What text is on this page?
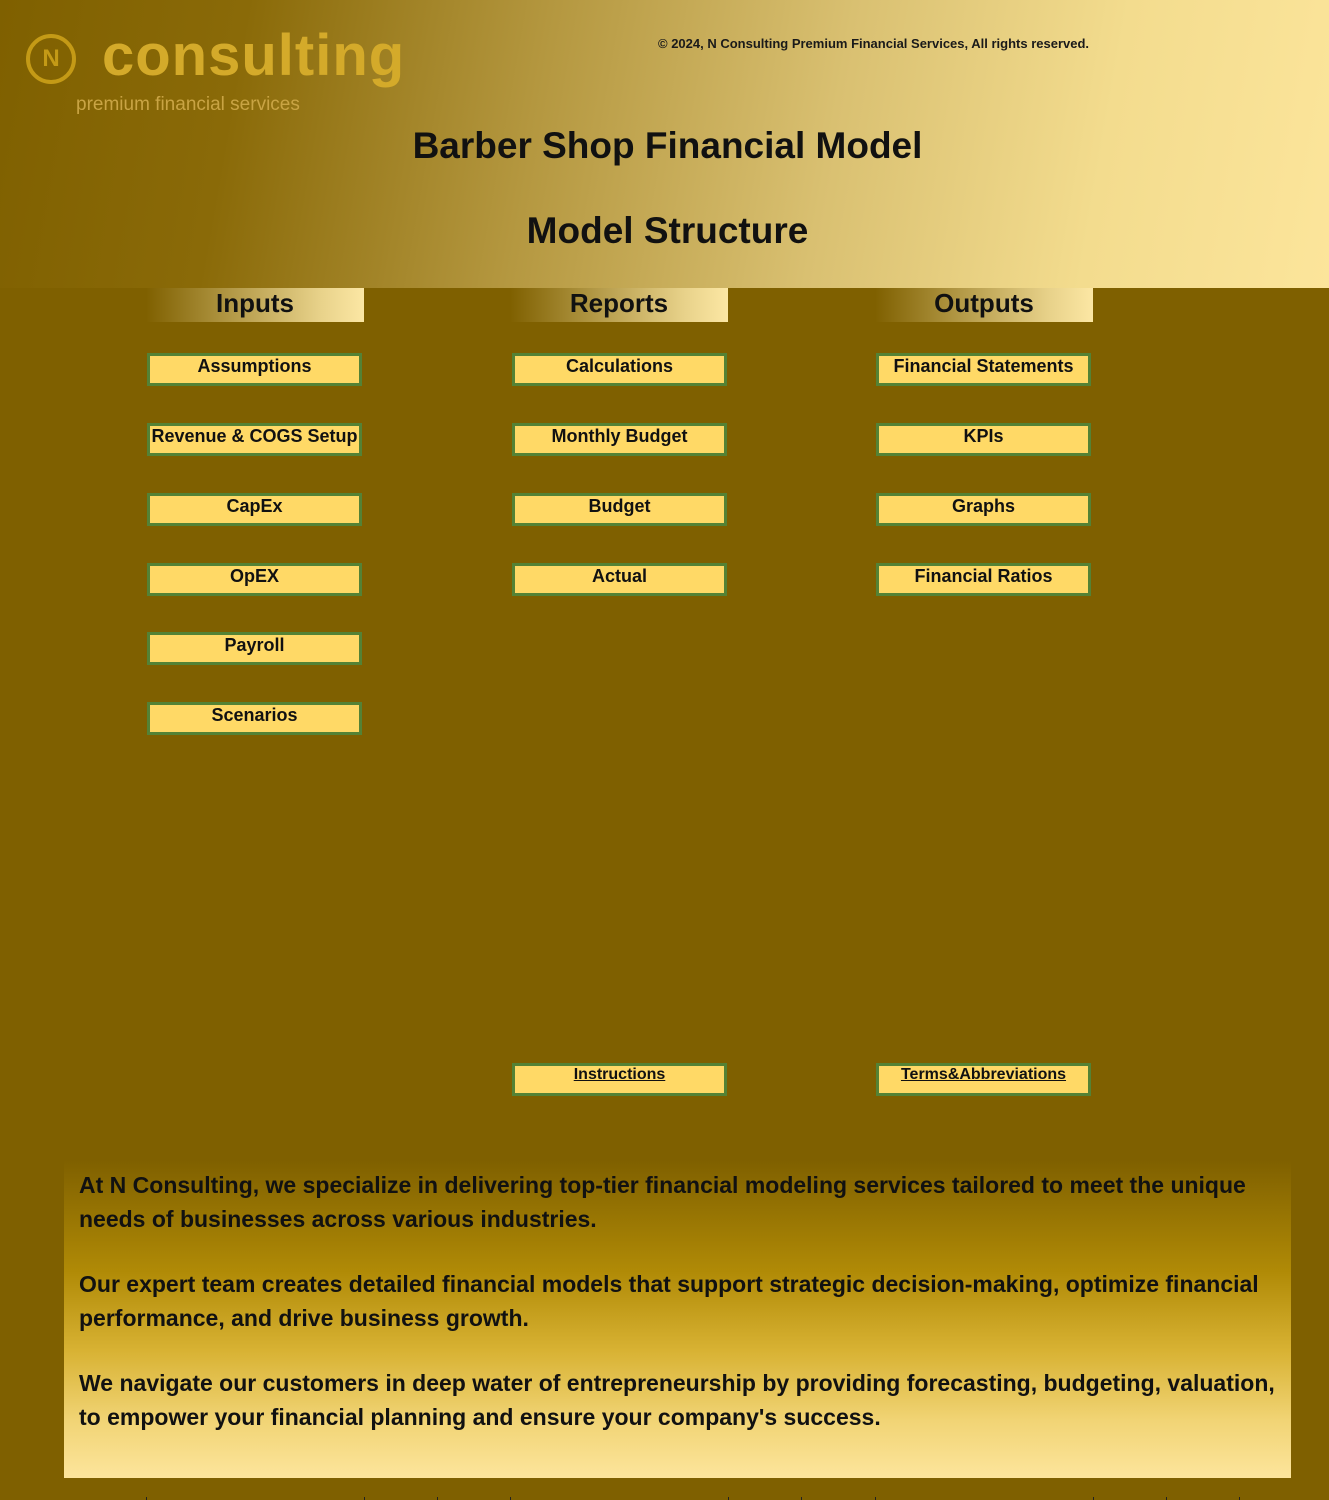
N consulting
premium financial services
© 2024, N Consulting Premium Financial Services, All rights reserved.
Barber Shop Financial Model
Model Structure
Inputs	Reports	Outputs
Assumptions
Revenue & COGS Setup
CapEx
OpEX
Payroll
Scenarios
Calculations
Monthly Budget
Budget
Actual
Financial Statements
KPIs
Graphs
Financial Ratios
Instructions	Terms&Abbreviations

At N Consulting, we specialize in delivering top-tier financial modeling services tailored to meet the unique needs of businesses across various industries.

Our expert team creates detailed financial models that support strategic decision-making, optimize financial performance, and drive business growth.

We navigate our customers in deep water of entrepreneurship by providing forecasting, budgeting, valuation, to empower your financial planning and ensure your company's success.
